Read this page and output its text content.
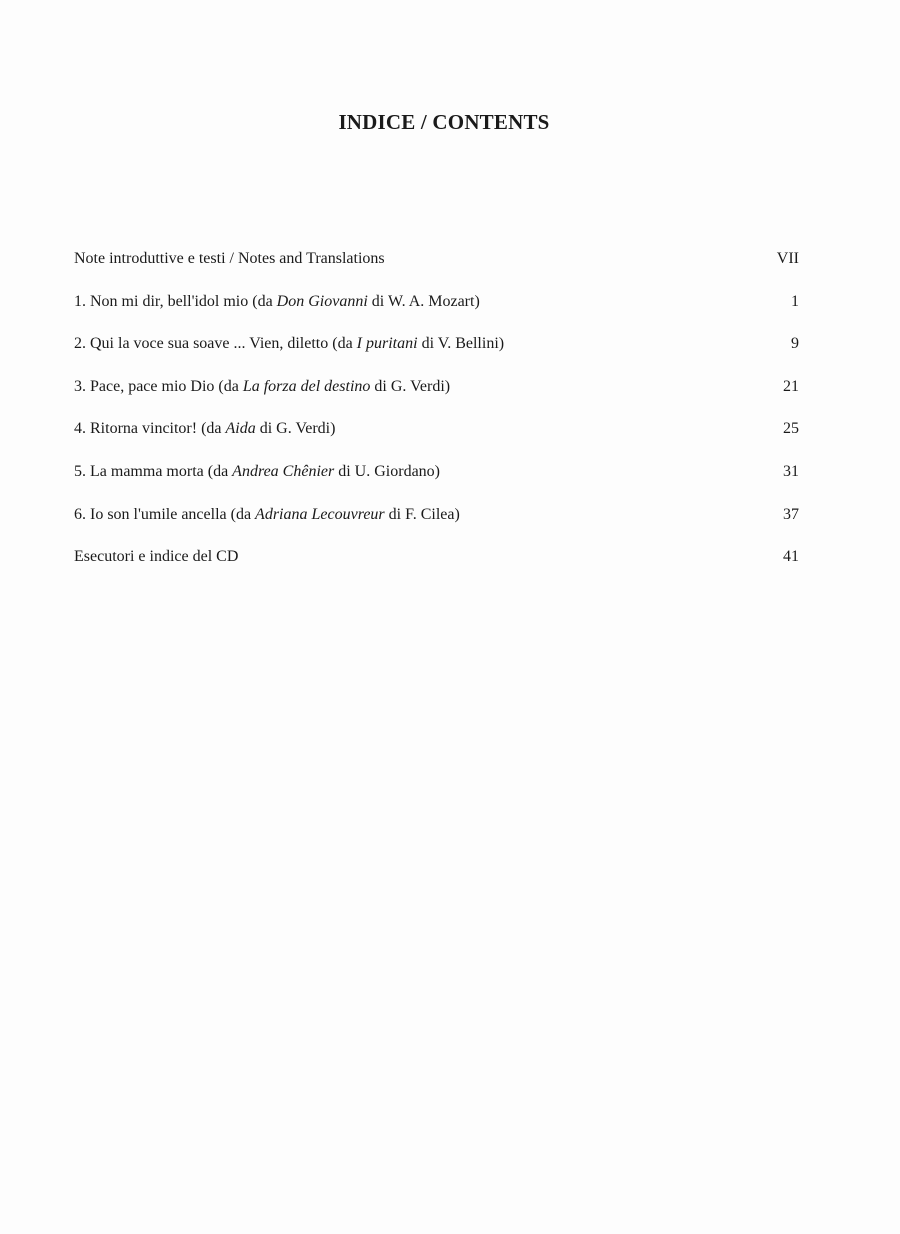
INDICE / CONTENTS
Note introduttive e testi / Notes and Translations	VII
1. Non mi dir, bell'idol mio (da Don Giovanni di W. A. Mozart)	1
2. Qui la voce sua soave ... Vien, diletto (da I puritani di V. Bellini)	9
3. Pace, pace mio Dio (da La forza del destino di G. Verdi)	21
4. Ritorna vincitor! (da Aida di G. Verdi)	25
5. La mamma morta (da Andrea Chênier di U. Giordano)	31
6. Io son l'umile ancella (da Adriana Lecouvreur di F. Cilea)	37
Esecutori e indice del CD	41
